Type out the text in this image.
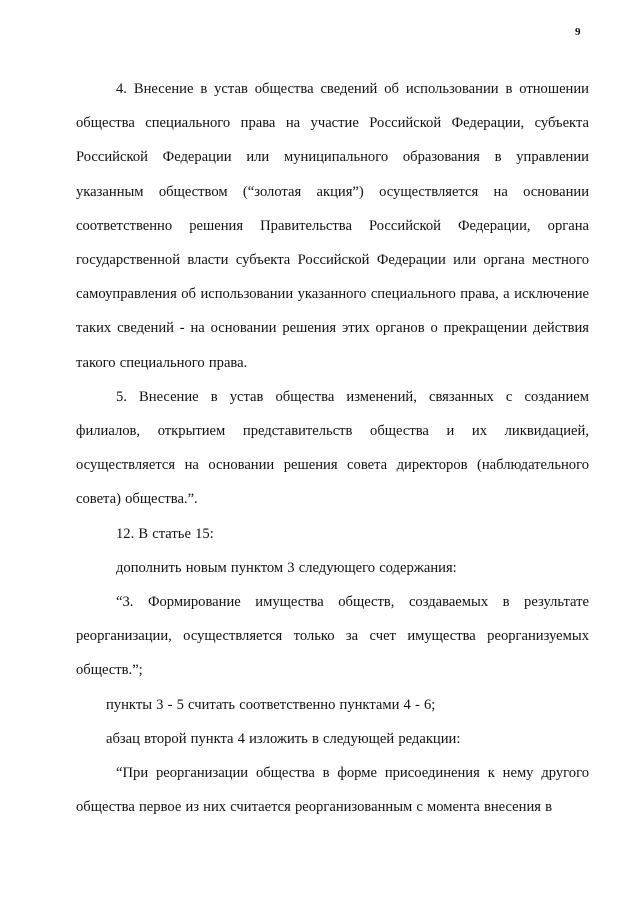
9

4. Внесение в устав общества сведений об использовании в отношении общества специального права на участие Российской Федерации, субъекта Российской Федерации или муниципального образования в управлении указанным обществом (“золотая акция”) осуществляется на основании соответственно решения Правительства Российской Федерации, органа государственной власти субъекта Российской Федерации или органа местного самоуправления об использовании указанного специального права, а исключение таких сведений - на основании решения этих органов о прекращении действия такого специального права.

5. Внесение в устав общества изменений, связанных с созданием филиалов, открытием представительств общества и их ликвидацией, осуществляется на основании решения совета директоров (наблюдательного совета) общества.”.

12. В статье 15:

дополнить новым пунктом 3 следующего содержания:

“3. Формирование имущества обществ, создаваемых в результате реорганизации, осуществляется только за счет имущества реорганизуемых обществ.”;

пункты 3 - 5 считать соответственно пунктами 4 - 6;

абзац второй пункта 4 изложить в следующей редакции:

“При реорганизации общества в форме присоединения к нему другого общества первое из них считается реорганизованным с момента внесения в
